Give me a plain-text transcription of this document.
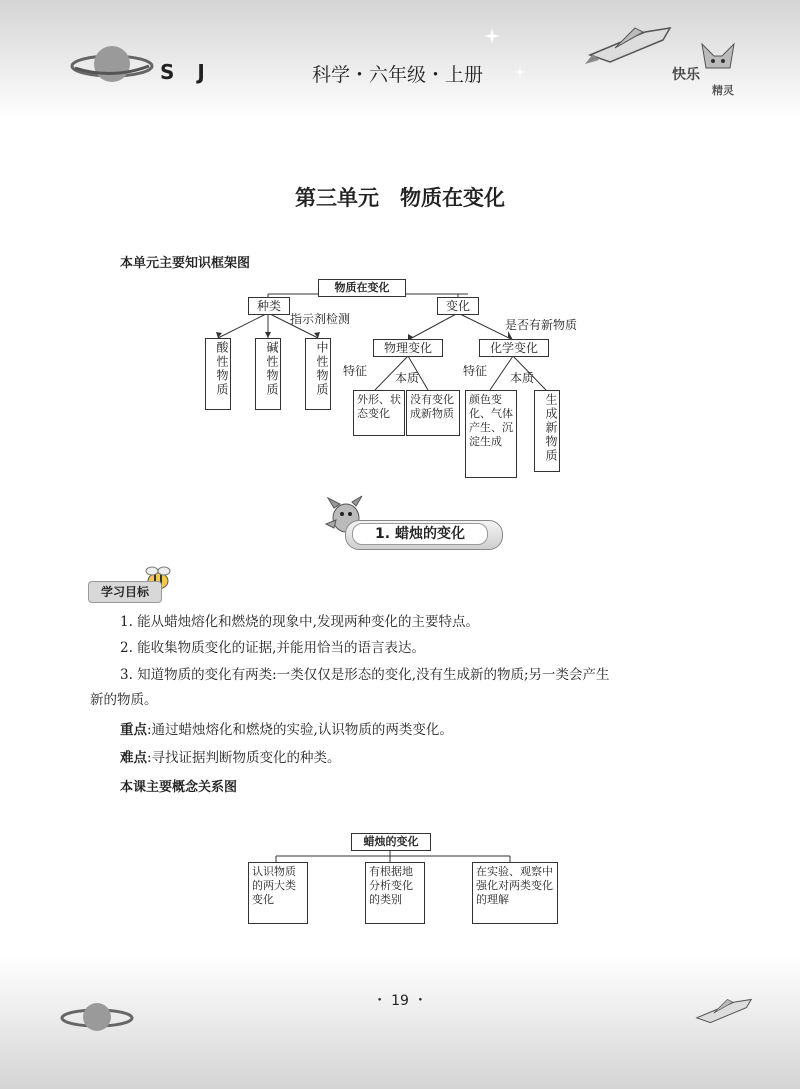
S J	科学・六年级・上册	快乐
精灵
第三单元　物质在变化
本单元主要知识框架图
物质在变化
种类
指示剂检测
变化
是否有新物质
酸性物质	碱性物质	中性物质	物理变化	化学变化
特征 本质	特征 本质
外形、状态变化
没有变化成新物质
颜色变化、气体产生、沉淀生成	生成新物质
1. 蜡烛的变化
学习目标
1. 能从蜡烛熔化和燃烧的现象中,发现两种变化的主要特点。
2. 能收集物质变化的证据,并能用恰当的语言表达。
3. 知道物质的变化有两类:一类仅仅是形态的变化,没有生成新的物质;另一类会产生
新的物质。
重点:通过蜡烛熔化和燃烧的实验,认识物质的两类变化。
难点:寻找证据判断物质变化的种类。
本课主要概念关系图
蜡烛的变化
认识物质的两大类变化
有根据地分析变化的类别
在实验、观察中强化对两类变化的理解
・ 19 ・
